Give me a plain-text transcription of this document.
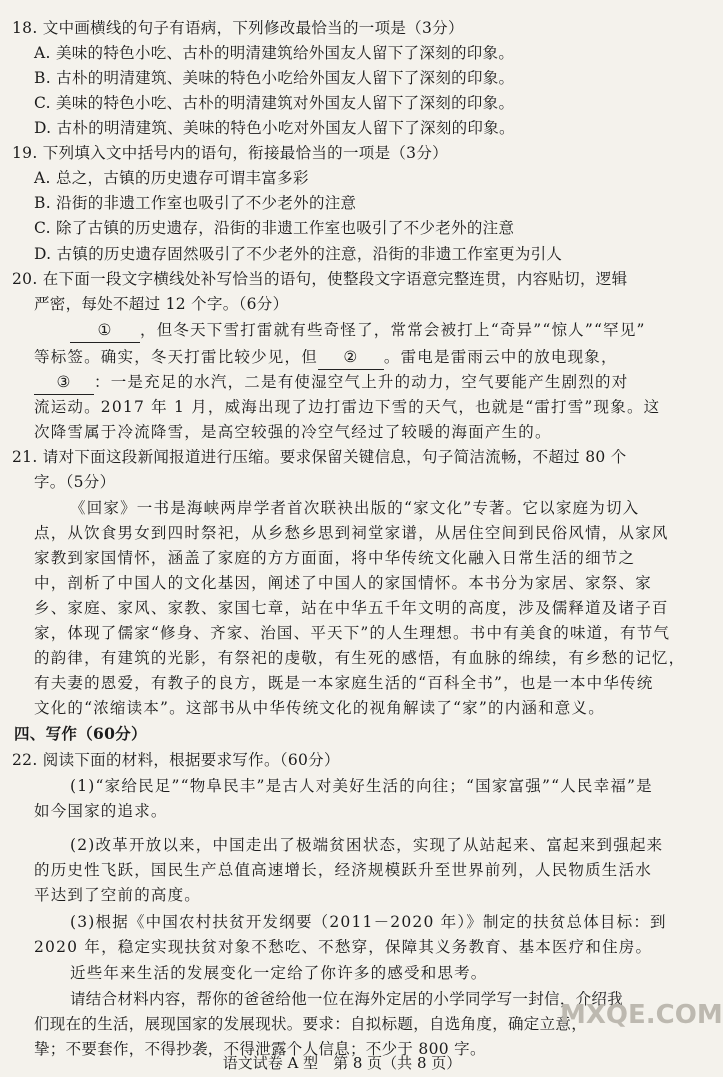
18. 文中画横线的句子有语病，下列修改最恰当的一项是（3分）
A. 美味的特色小吃、古朴的明清建筑给外国友人留下了深刻的印象。
B. 古朴的明清建筑、美味的特色小吃给外国友人留下了深刻的印象。
C. 美味的特色小吃、古朴的明清建筑对外国友人留下了深刻的印象。
D. 古朴的明清建筑、美味的特色小吃对外国友人留下了深刻的印象。
19. 下列填入文中括号内的语句，衔接最恰当的一项是（3分）
A. 总之，古镇的历史遗存可谓丰富多彩
B. 沿街的非遗工作室也吸引了不少老外的注意
C. 除了古镇的历史遗存，沿街的非遗工作室也吸引了不少老外的注意
D. 古镇的历史遗存固然吸引了不少老外的注意，沿街的非遗工作室更为引人
20. 在下面一段文字横线处补写恰当的语句，使整段文字语意完整连贯，内容贴切，逻辑
严密，每处不超过 12 个字。（6分）
① ，但冬天下雪打雷就有些奇怪了，常常会被打上“奇异”“惊人”“罕见”
等标签。确实，冬天打雷比较少见，但 ② 。雷电是雷雨云中的放电现象，
③ ：一是充足的水汽，二是有使湿空气上升的动力，空气要能产生剧烈的对
流运动。2017 年 1 月，威海出现了边打雷边下雪的天气，也就是“雷打雪”现象。这
次降雪属于冷流降雪，是高空较强的冷空气经过了较暖的海面产生的。
21. 请对下面这段新闻报道进行压缩。要求保留关键信息，句子简洁流畅，不超过 80 个
字。（5分）
《回家》一书是海峡两岸学者首次联袂出版的“家文化”专著。它以家庭为切入
点，从饮食男女到四时祭祀，从乡愁乡思到祠堂家谱，从居住空间到民俗风情，从家风
家教到家国情怀，涵盖了家庭的方方面面，将中华传统文化融入日常生活的细节之
中，剖析了中国人的文化基因，阐述了中国人的家国情怀。本书分为家居、家祭、家
乡、家庭、家风、家教、家国七章，站在中华五千年文明的高度，涉及儒释道及诸子百
家，体现了儒家“修身、齐家、治国、平天下”的人生理想。书中有美食的味道，有节气
的韵律，有建筑的光影，有祭祀的虔敬，有生死的感悟，有血脉的绵续，有乡愁的记忆，
有夫妻的恩爱，有教子的良方，既是一本家庭生活的“百科全书”，也是一本中华传统
文化的“浓缩读本”。这部书从中华传统文化的视角解读了“家”的内涵和意义。
四、写作（60分）
22. 阅读下面的材料，根据要求写作。（60分）
(1)“家给民足”“物阜民丰”是古人对美好生活的向往；“国家富强”“人民幸福”是
如今国家的追求。
(2)改革开放以来，中国走出了极端贫困状态，实现了从站起来、富起来到强起来
的历史性飞跃，国民生产总值高速增长，经济规模跃升至世界前列，人民物质生活水
平达到了空前的高度。
(3)根据《中国农村扶贫开发纲要（2011－2020 年）》制定的扶贫总体目标：到
2020 年，稳定实现扶贫对象不愁吃、不愁穿，保障其义务教育、基本医疗和住房。
近些年来生活的发展变化一定给了你许多的感受和思考。
请结合材料内容，帮你的爸爸给他一位在海外定居的小学同学写一封信，介绍我
们现在的生活，展现国家的发展现状。要求：自拟标题，自选角度，确定立意，
挚；不要套作，不得抄袭，不得泄露个人信息；不少于 800 字。
语文试卷 A 型　第 8 页（共 8 页）
MXQE.COM
